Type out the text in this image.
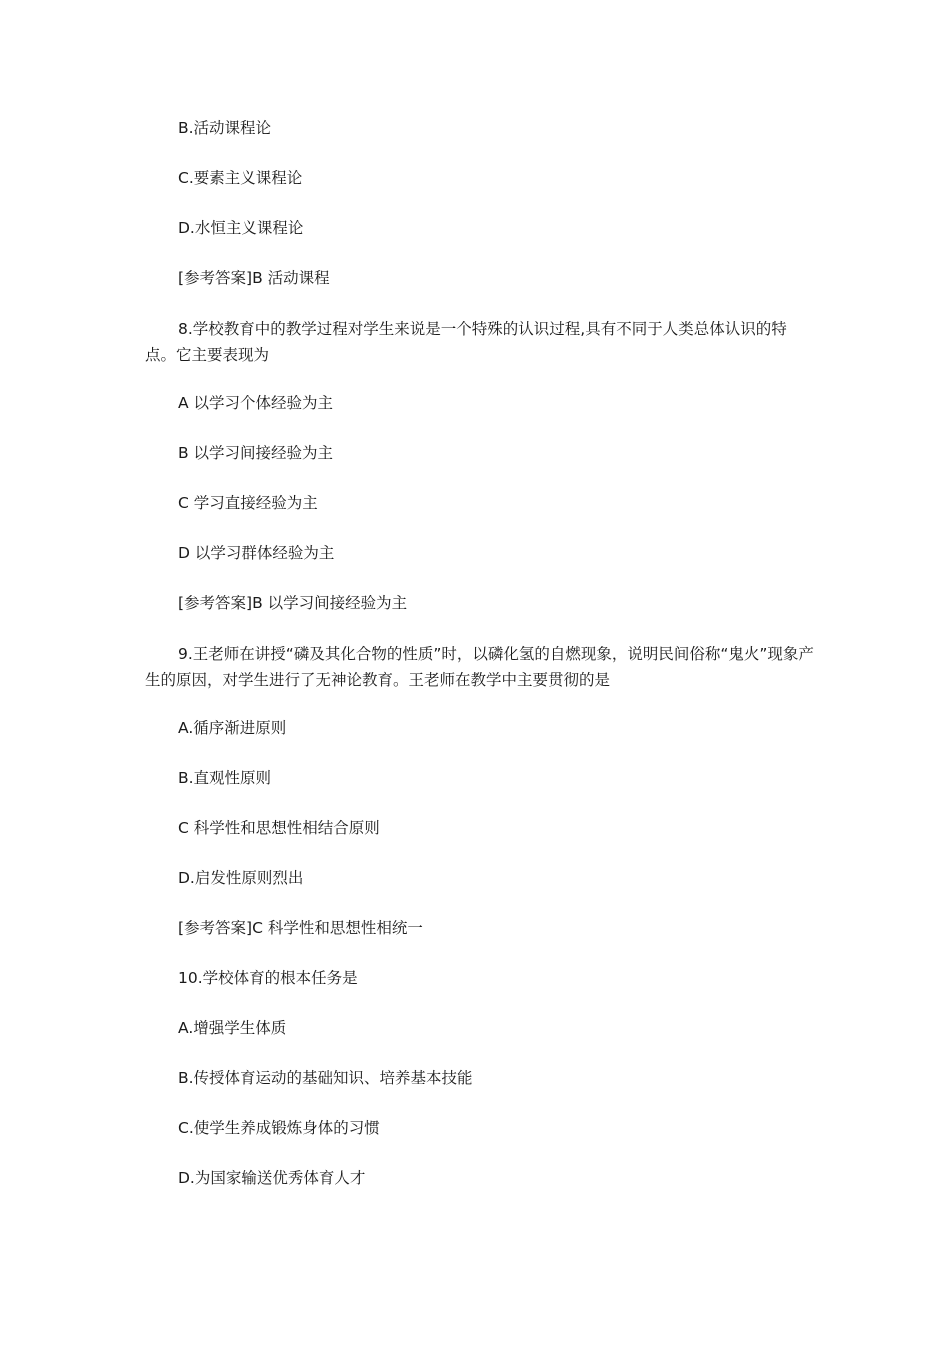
B.活动课程论
C.要素主义课程论
D.水恒主义课程论
[参考答案]B 活动课程
8.学校教育中的教学过程对学生来说是一个特殊的认识过程,具有不同于人类总体认识的特点。它主要表现为
A 以学习个体经验为主
B 以学习间接经验为主
C 学习直接经验为主
D 以学习群体经验为主
[参考答案]B 以学习间接经验为主
9.王老师在讲授“磷及其化合物的性质”时，以磷化氢的自燃现象，说明民间俗称“鬼火”现象产生的原因，对学生进行了无神论教育。王老师在教学中主要贯彻的是
A.循序渐进原则
B.直观性原则
C 科学性和思想性相结合原则
D.启发性原则烈出
[参考答案]C 科学性和思想性相统一
10.学校体育的根本任务是
A.增强学生体质
B.传授体育运动的基础知识、培养基本技能
C.使学生养成锻炼身体的习惯
D.为国家输送优秀体育人才
